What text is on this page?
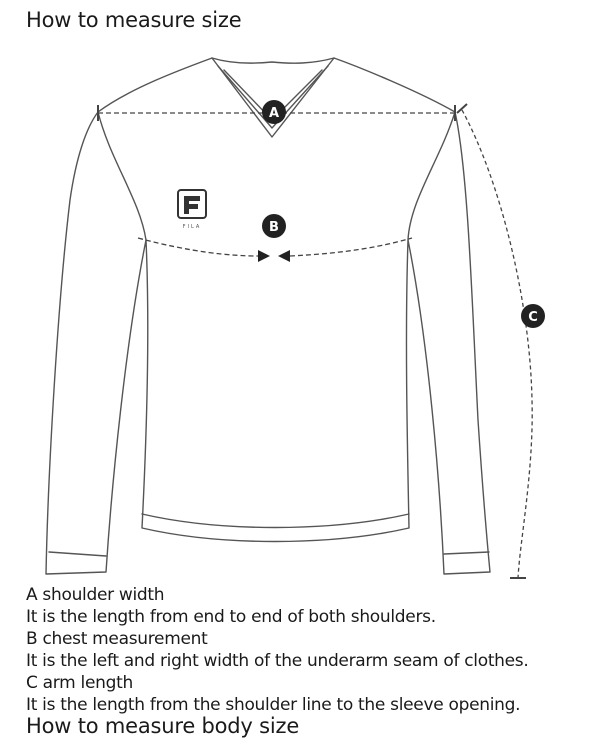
How to measure size
A
B
C
FILA
A shoulder width
It is the length from end to end of both shoulders.
B chest measurement
It is the left and right width of the underarm seam of clothes.
C arm length
It is the length from the shoulder line to the sleeve opening.
How to measure body size
